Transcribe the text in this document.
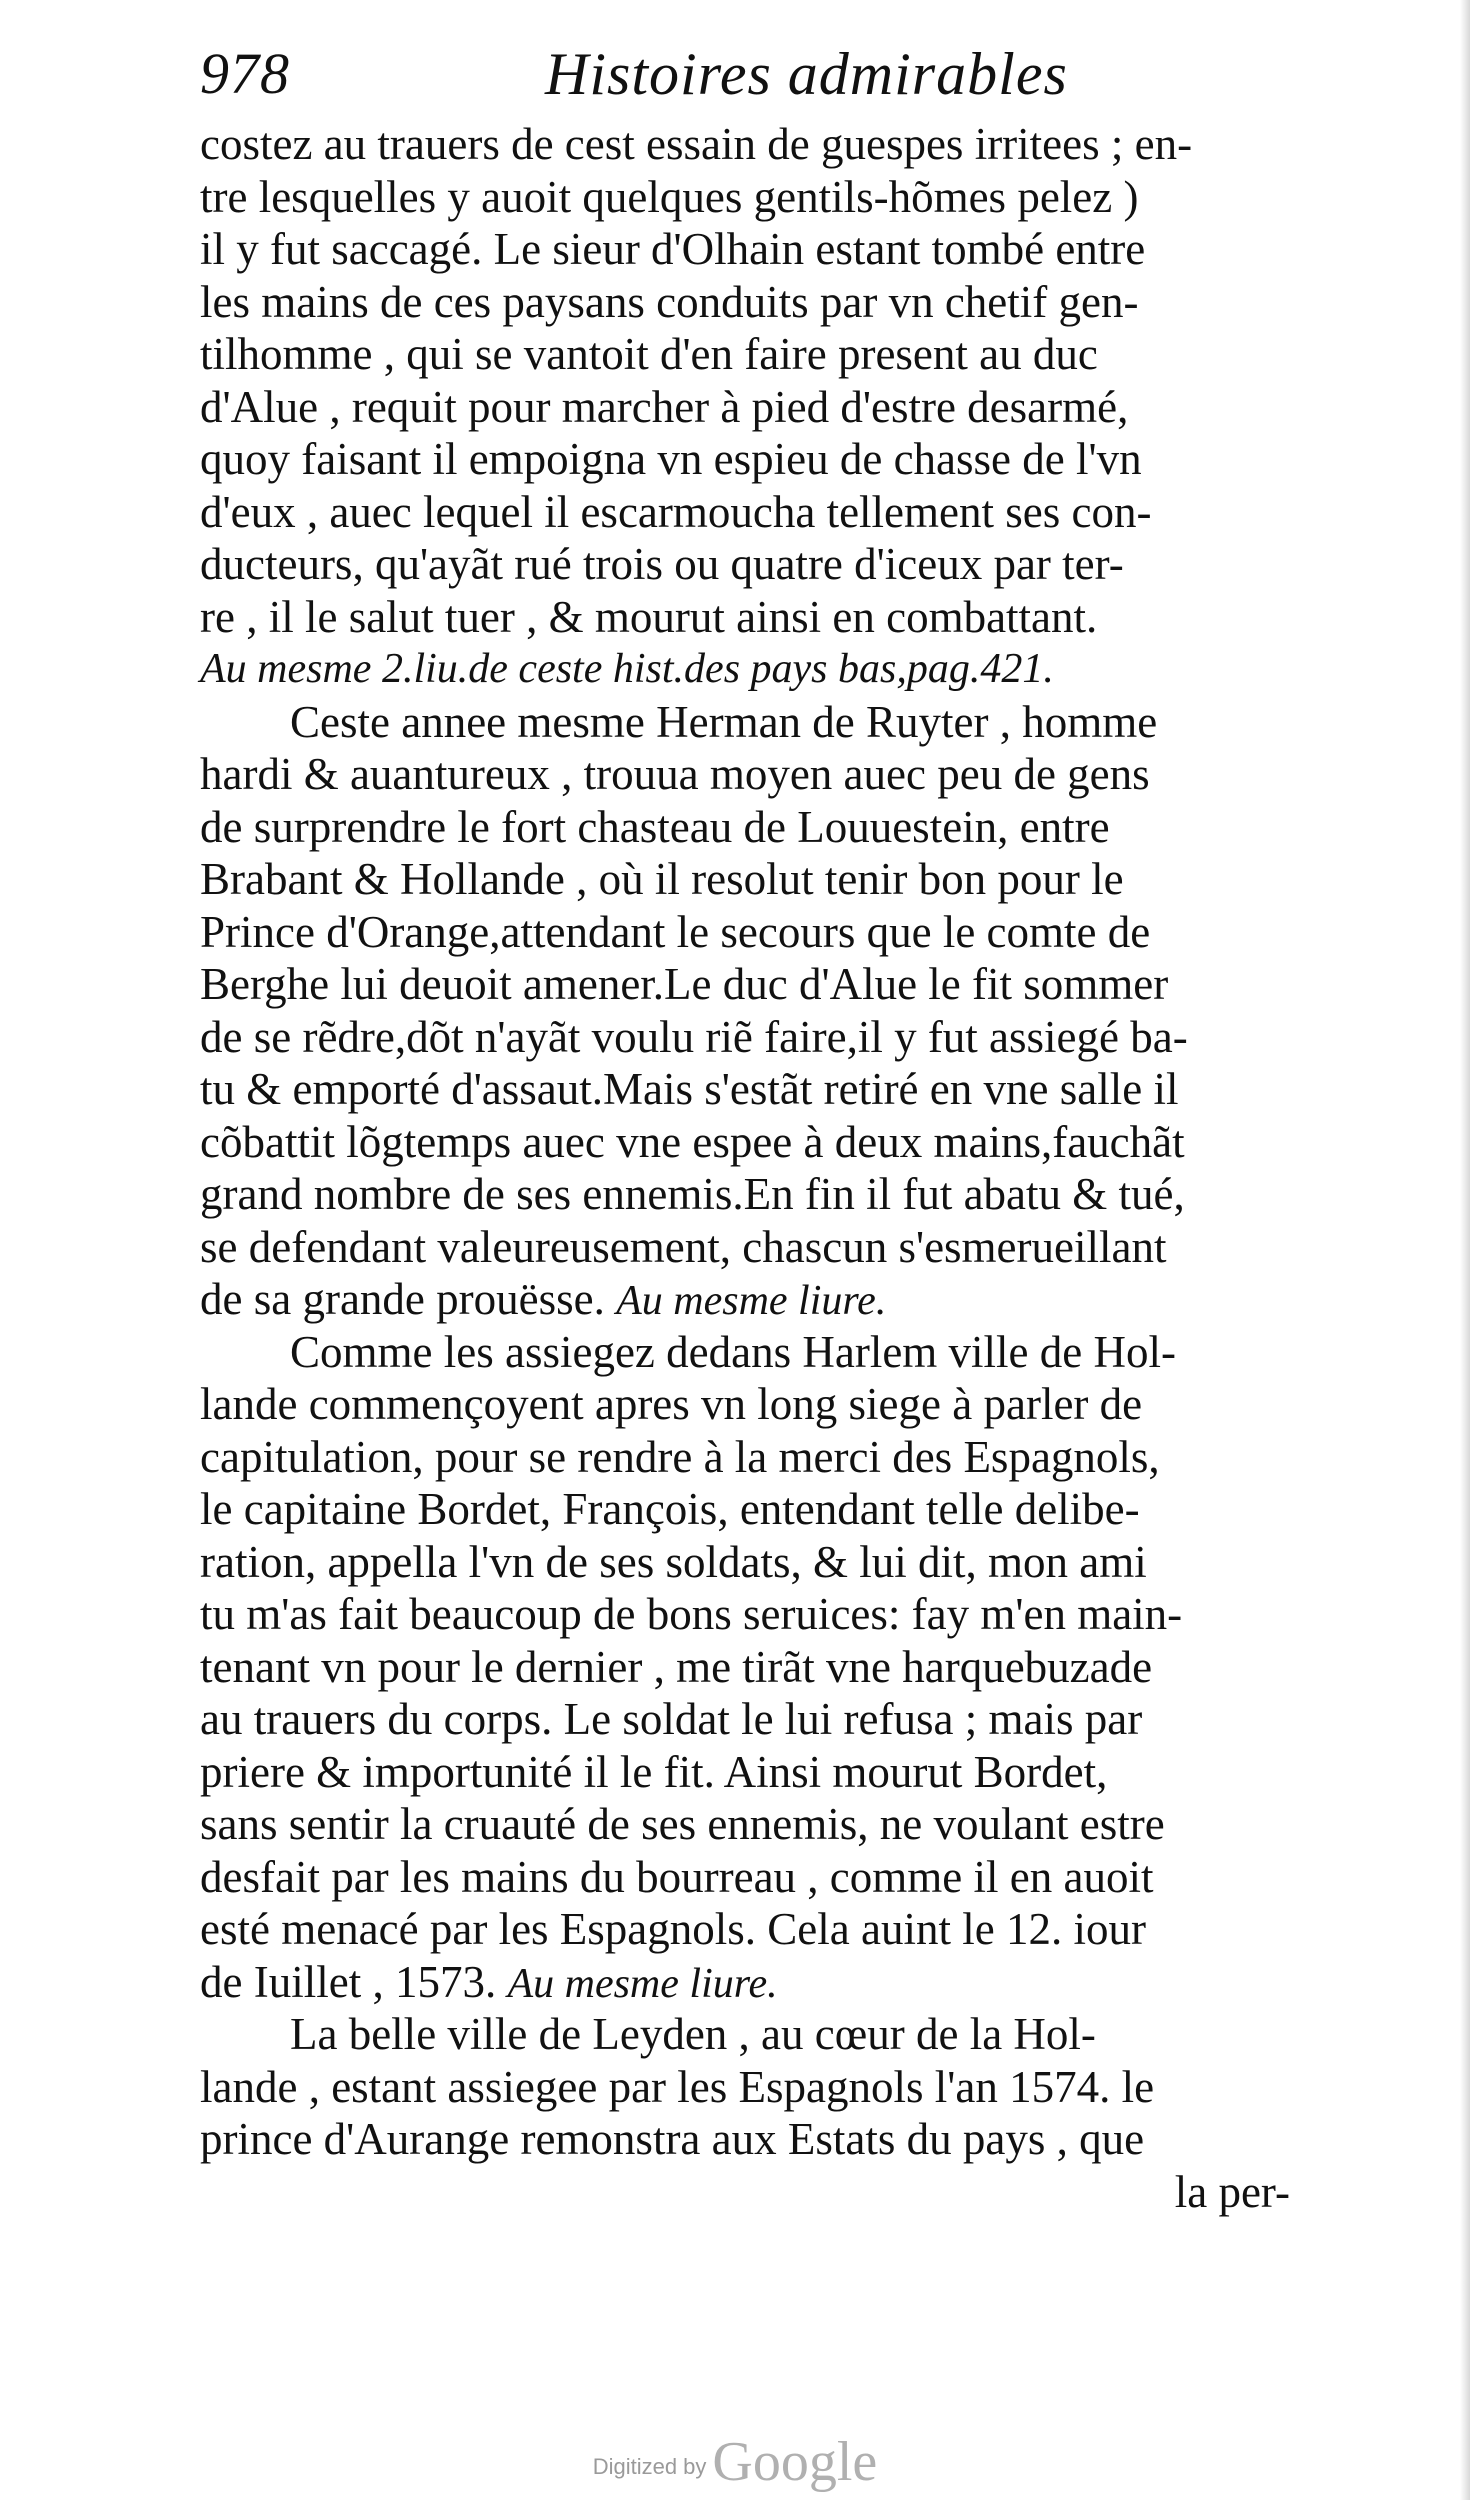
978	Histoires admirables
costez au trauers de cest essain de guespes irritees ; en-
tre lesquelles y auoit quelques gentils-hõmes pelez )
il y fut saccagé. Le sieur d'Olhain estant tombé entre
les mains de ces paysans conduits par vn chetif gen-
tilhomme , qui se vantoit d'en faire present au duc
d'Alue , requit pour marcher à pied d'estre desarmé,
quoy faisant il empoigna vn espieu de chasse de l'vn
d'eux , auec lequel il escarmoucha tellement ses con-
ducteurs, qu'ayãt rué trois ou quatre d'iceux par ter-
re , il le salut tuer , & mourut ainsi en combattant.
Au mesme 2.liu.de ceste hist.des pays bas,pag.421.
Ceste annee mesme Herman de Ruyter , homme
hardi & auantureux , trouua moyen auec peu de gens
de surprendre le fort chasteau de Louuestein, entre
Brabant & Hollande , où il resolut tenir bon pour le
Prince d'Orange,attendant le secours que le comte de
Berghe lui deuoit amener.Le duc d'Alue le fit sommer
de se rẽdre,dõt n'ayãt voulu riẽ faire,il y fut assiegé ba-
tu & emporté d'assaut.Mais s'estãt retiré en vne salle il
cõbattit lõgtemps auec vne espee à deux mains,fauchãt
grand nombre de ses ennemis.En fin il fut abatu & tué,
se defendant valeureusement, chascun s'esmerueillant
de sa grande prouësse. Au mesme liure.
Comme les assiegez dedans Harlem ville de Hol-
lande commençoyent apres vn long siege à parler de
capitulation, pour se rendre à la merci des Espagnols,
le capitaine Bordet, François, entendant telle delibe-
ration, appella l'vn de ses soldats, & lui dit, mon ami
tu m'as fait beaucoup de bons seruices: fay m'en main-
tenant vn pour le dernier , me tirãt vne harquebuzade
au trauers du corps. Le soldat le lui refusa ; mais par
priere & importunité il le fit. Ainsi mourut Bordet,
sans sentir la cruauté de ses ennemis, ne voulant estre
desfait par les mains du bourreau , comme il en auoit
esté menacé par les Espagnols. Cela auint le 12. iour
de Iuillet , 1573. Au mesme liure.
La belle ville de Leyden , au cœur de la Hol-
lande , estant assiegee par les Espagnols l'an 1574. le
prince d'Aurange remonstra aux Estats du pays , que
la per-
Digitized by Google
